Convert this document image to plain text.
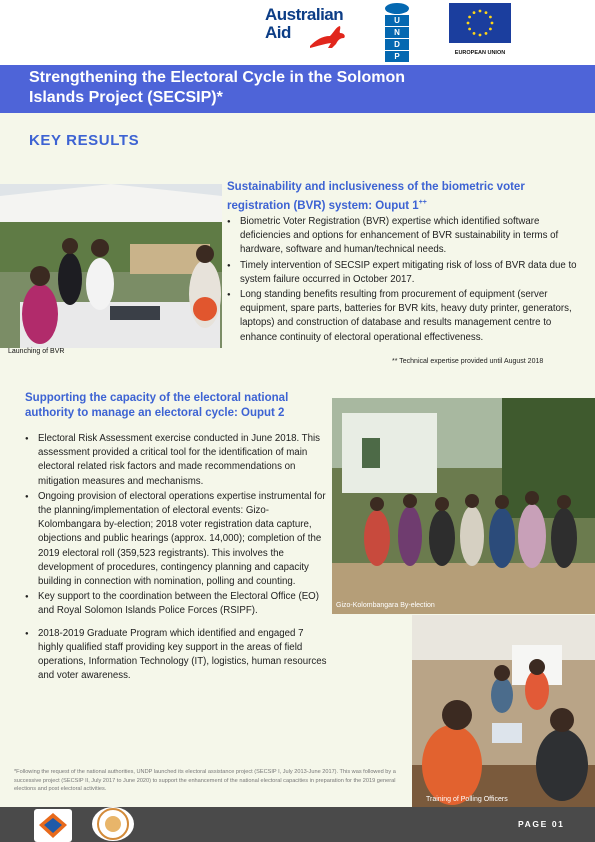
Australian
Aid
U
N
D
P	EUROPEAN UNION
Strengthening the Electoral Cycle in the Solomon Islands Project (SECSIP)*
KEY RESULTS
Launching of BVR
Sustainability and inclusiveness of the biometric voter registration (BVR) system: Ouput 1++
● Biometric Voter Registration (BVR) expertise which identified software deficiencies and options for enhancement of BVR sustainability in terms of hardware, software and human/technical needs.
● Timely intervention of SECSIP expert mitigating risk of loss of BVR data due to system failure occurred in October 2017.
● Long standing benefits resulting from procurement of equipment (server equipment, spare parts, batteries for BVR kits, heavy duty printer, generators, laptops) and construction of database and results management centre to enhance continuity of electoral operational effectiveness.
** Technical expertise provided until August 2018
Supporting the capacity of the electoral national authority to manage an electoral cycle: Ouput 2
● Electoral Risk Assessment exercise conducted in June 2018. This assessment provided a critical tool for the identification of main electoral related risk factors and made recommendations on mitigation measures and mechanisms.
● Ongoing provision of electoral operations expertise instrumental for the planning/implementation of electoral events: Gizo-Kolombangara by-election; 2018 voter registration data capture, objections and public hearings (approx. 14,000); completion of the 2019 electoral roll (359,523 registrants). This involves the development of procedures, contingency planning and capacity building in connection with nomination, polling and counting.
● Key support to the coordination between the Electoral Office (EO) and Royal Solomon Islands Police Forces (RSIPF).
● 2018-2019 Graduate Program which identified and engaged 7 highly qualified staff providing key support in the areas of field operations, Information Technology (IT), logistics, human resources and voter awareness.
Gizo-Kolombangara By-election
Training of Polling Officers
*Following the request of the national authorities, UNDP launched its electoral assistance project (SECSIP I, July 2013-June 2017). This was followed by a successive project (SECSIP II, July 2017 to June 2020) to support the enhancement of the national electoral capacities in preparation for the 2019 general elections and post electoral activities.
PAGE 01
